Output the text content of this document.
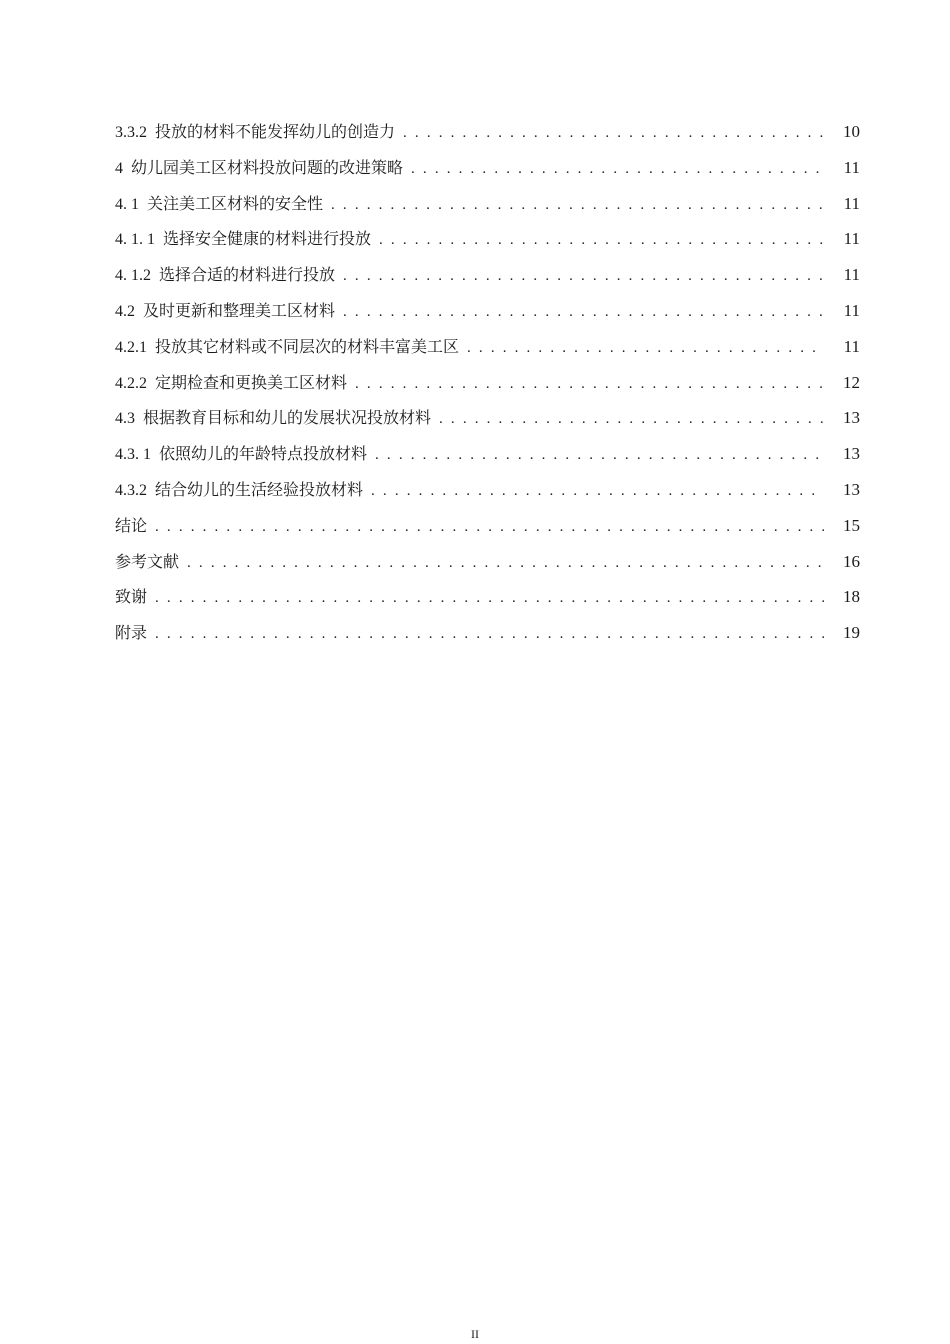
3.3.2 投放的材料不能发挥幼儿的创造力 . . .	10
4 幼儿园美工区材料投放问题的改进策略 . . .	11
4. 1 关注美工区材料的安全性 . . .	11
4. 1. 1 选择安全健康的材料进行投放 . . .	11
4. 1.2 选择合适的材料进行投放 . . .	11
4.2 及时更新和整理美工区材料 . . .	11
4.2.1 投放其它材料或不同层次的材料丰富美工区 . . .	11
4.2.2 定期检查和更换美工区材料 . . .	12
4.3 根据教育目标和幼儿的发展状况投放材料 . . .	13
4.3. 1 依照幼儿的年龄特点投放材料 . . .	13
4.3.2 结合幼儿的生活经验投放材料 . . .	13
结论 . . .	15
参考文献 . . .	16
致谢 . . .	18
附录 . . .	19
II
